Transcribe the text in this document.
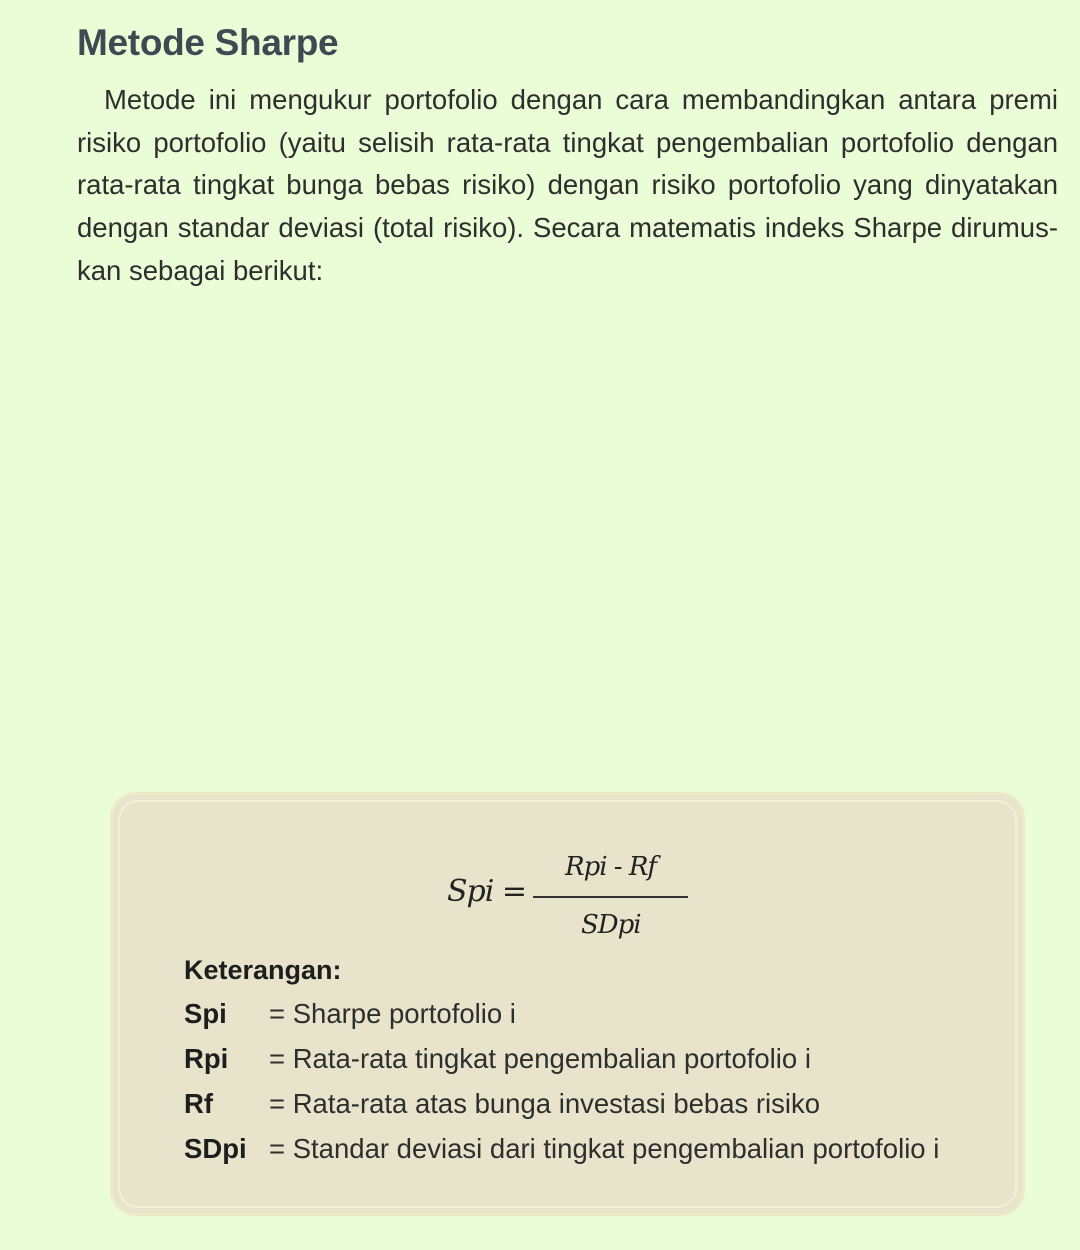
Metode Sharpe

Metode ini mengukur portofolio dengan cara membandingkan antara premi risiko portofolio (yaitu selisih rata-rata tingkat pengembalian portofolio dengan rata-rata tingkat bunga bebas risiko) dengan risiko portofolio yang dinyatakan dengan standar deviasi (total risiko). Secara matematis indeks Sharpe dirumus-kan sebagai berikut:

Spi =
Rpi - Rf
SDpi
Keterangan:
Spi = Sharpe portofolio i
Rpi = Rata-rata tingkat pengembalian portofolio i
Rf = Rata-rata atas bunga investasi bebas risiko
SDpi = Standar deviasi dari tingkat pengembalian portofolio i
